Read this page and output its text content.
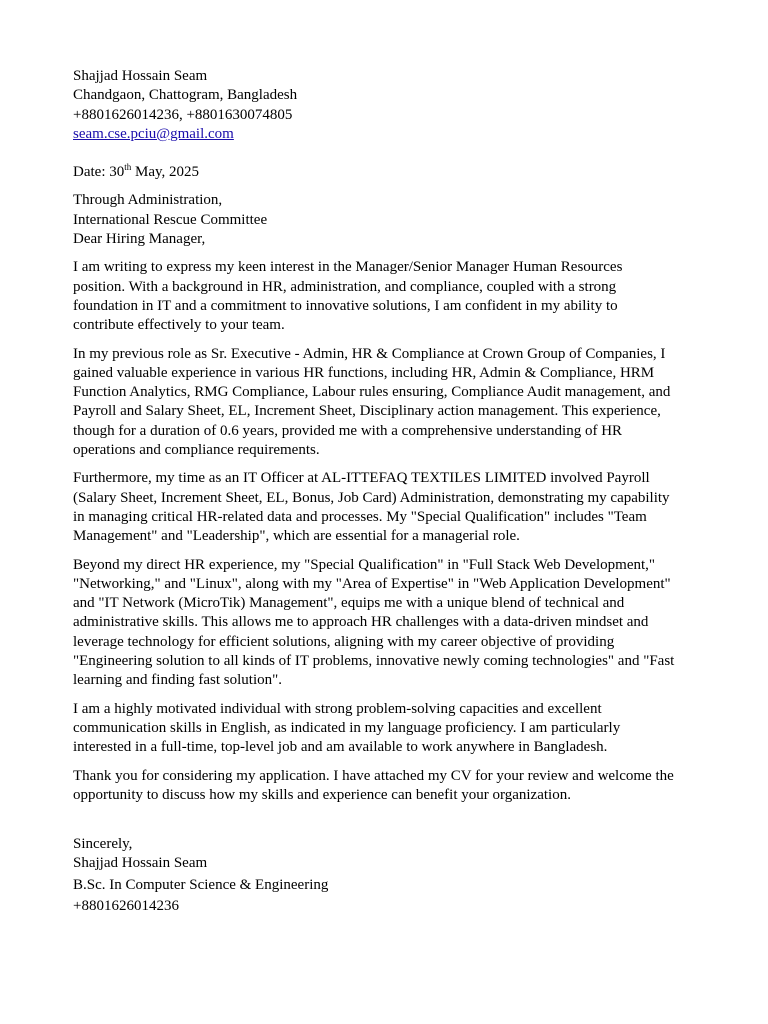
Shajjad Hossain Seam
Chandgaon, Chattogram, Bangladesh
+8801626014236, +8801630074805
seam.cse.pciu@gmail.com
Date: 30th May, 2025
Through Administration,
International Rescue Committee
Dear Hiring Manager,
I am writing to express my keen interest in the Manager/Senior Manager Human Resources
position. With a background in HR, administration, and compliance, coupled with a strong
foundation in IT and a commitment to innovative solutions, I am confident in my ability to
contribute effectively to your team.
In my previous role as Sr. Executive - Admin, HR & Compliance at Crown Group of Companies, I
gained valuable experience in various HR functions, including HR, Admin & Compliance, HRM
Function Analytics, RMG Compliance, Labour rules ensuring, Compliance Audit management, and
Payroll and Salary Sheet, EL, Increment Sheet, Disciplinary action management. This experience,
though for a duration of 0.6 years, provided me with a comprehensive understanding of HR
operations and compliance requirements.
Furthermore, my time as an IT Officer at AL-ITTEFAQ TEXTILES LIMITED involved Payroll
(Salary Sheet, Increment Sheet, EL, Bonus, Job Card) Administration, demonstrating my capability
in managing critical HR-related data and processes. My "Special Qualification" includes "Team
Management" and "Leadership", which are essential for a managerial role.
Beyond my direct HR experience, my "Special Qualification" in "Full Stack Web Development,"
"Networking," and "Linux", along with my "Area of Expertise" in "Web Application Development"
and "IT Network (MicroTik) Management", equips me with a unique blend of technical and
administrative skills. This allows me to approach HR challenges with a data-driven mindset and
leverage technology for efficient solutions, aligning with my career objective of providing
"Engineering solution to all kinds of IT problems, innovative newly coming technologies" and "Fast
learning and finding fast solution".
I am a highly motivated individual with strong problem-solving capacities and excellent
communication skills in English, as indicated in my language proficiency. I am particularly
interested in a full-time, top-level job and am available to work anywhere in Bangladesh.
Thank you for considering my application. I have attached my CV for your review and welcome the
opportunity to discuss how my skills and experience can benefit your organization.
Sincerely,
Shajjad Hossain Seam
B.Sc. In Computer Science & Engineering
+8801626014236
